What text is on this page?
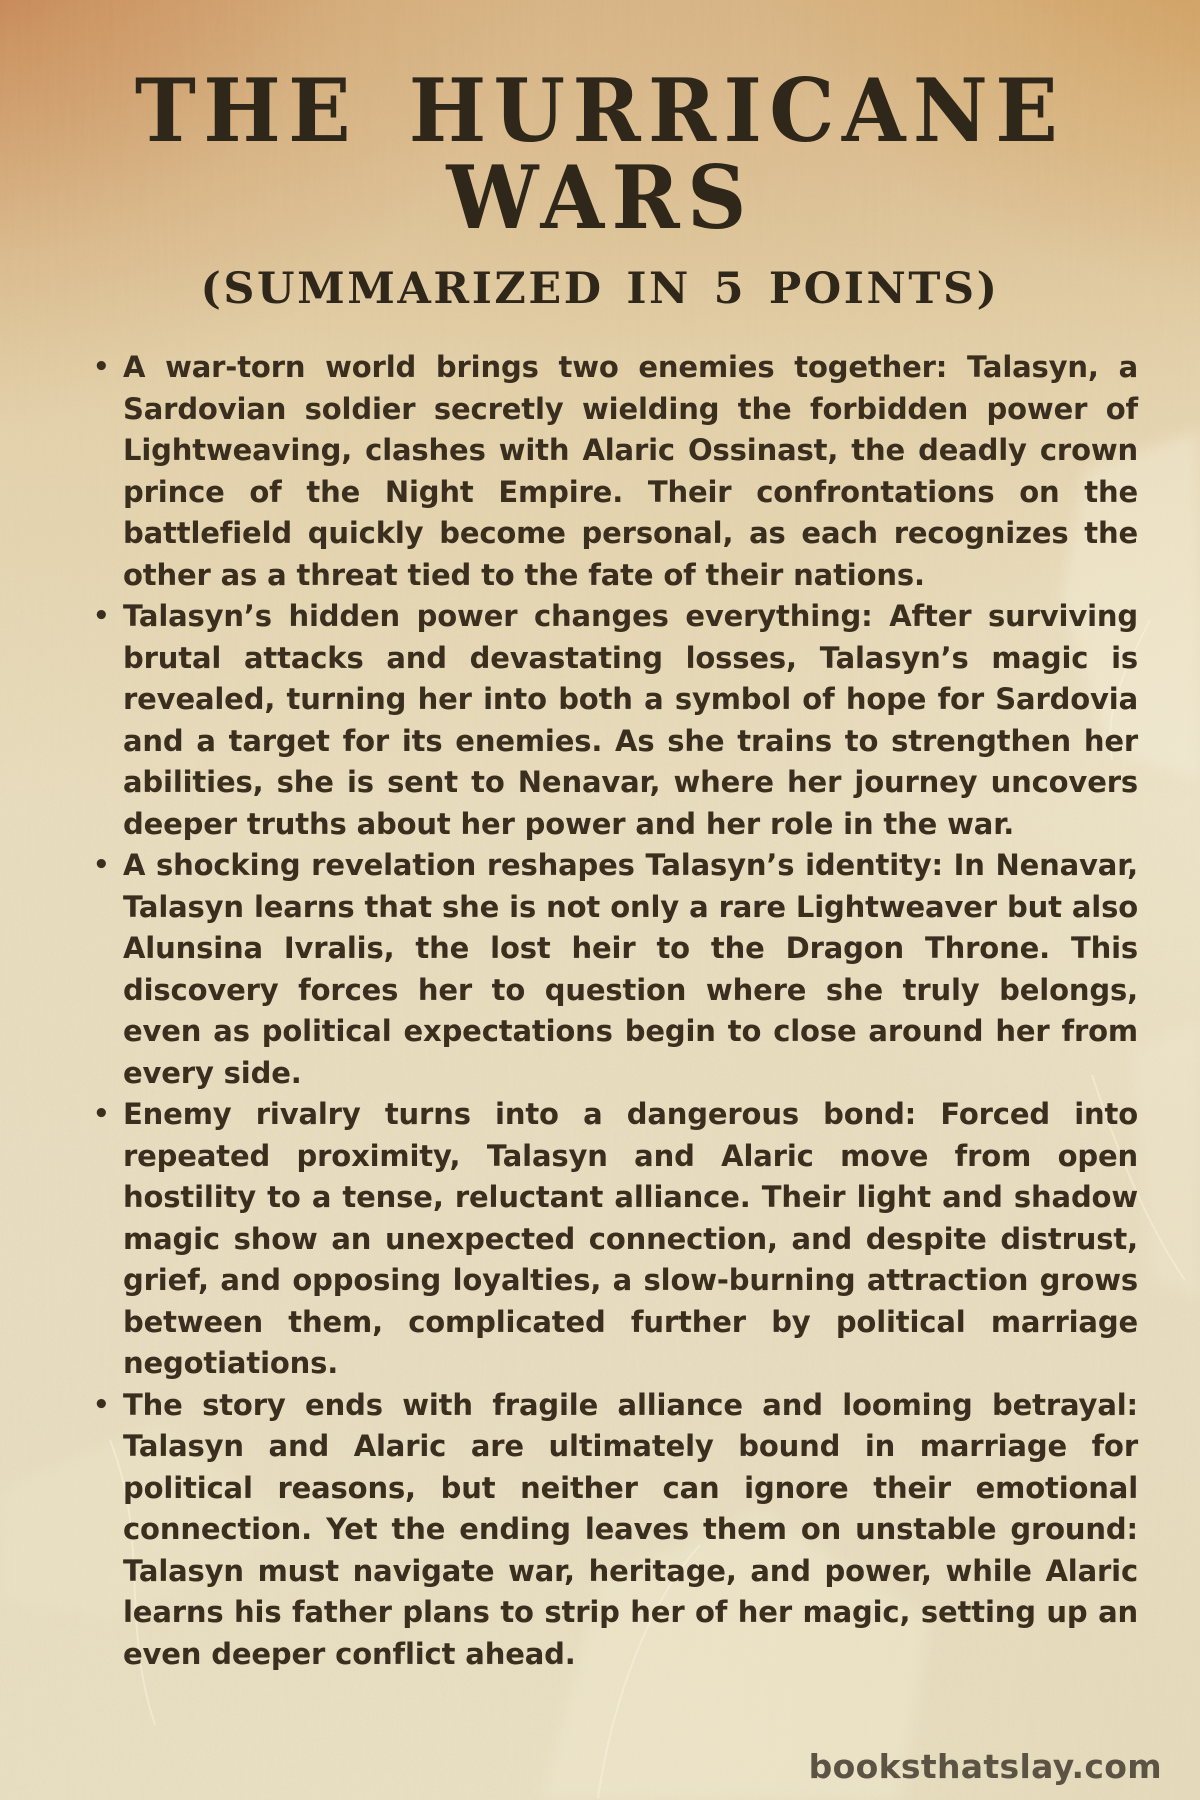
THE HURRICANE WARS
(SUMMARIZED IN 5 POINTS)
• A war-torn world brings two enemies together: Talasyn, a Sardovian soldier secretly wielding the forbidden power of Lightweaving, clashes with Alaric Ossinast, the deadly crown prince of the Night Empire. Their confrontations on the battlefield quickly become personal, as each recognizes the other as a threat tied to the fate of their nations.
• Talasyn’s hidden power changes everything: After surviving brutal attacks and devastating losses, Talasyn’s magic is revealed, turning her into both a symbol of hope for Sardovia and a target for its enemies. As she trains to strengthen her abilities, she is sent to Nenavar, where her journey uncovers deeper truths about her power and her role in the war.
• A shocking revelation reshapes Talasyn’s identity: In Nenavar, Talasyn learns that she is not only a rare Lightweaver but also Alunsina Ivralis, the lost heir to the Dragon Throne. This discovery forces her to question where she truly belongs, even as political expectations begin to close around her from every side.
• Enemy rivalry turns into a dangerous bond: Forced into repeated proximity, Talasyn and Alaric move from open hostility to a tense, reluctant alliance. Their light and shadow magic show an unexpected connection, and despite distrust, grief, and opposing loyalties, a slow-burning attraction grows between them, complicated further by political marriage negotiations.
• The story ends with fragile alliance and looming betrayal: Talasyn and Alaric are ultimately bound in marriage for political reasons, but neither can ignore their emotional connection. Yet the ending leaves them on unstable ground: Talasyn must navigate war, heritage, and power, while Alaric learns his father plans to strip her of her magic, setting up an even deeper conflict ahead.
booksthatslay.com
